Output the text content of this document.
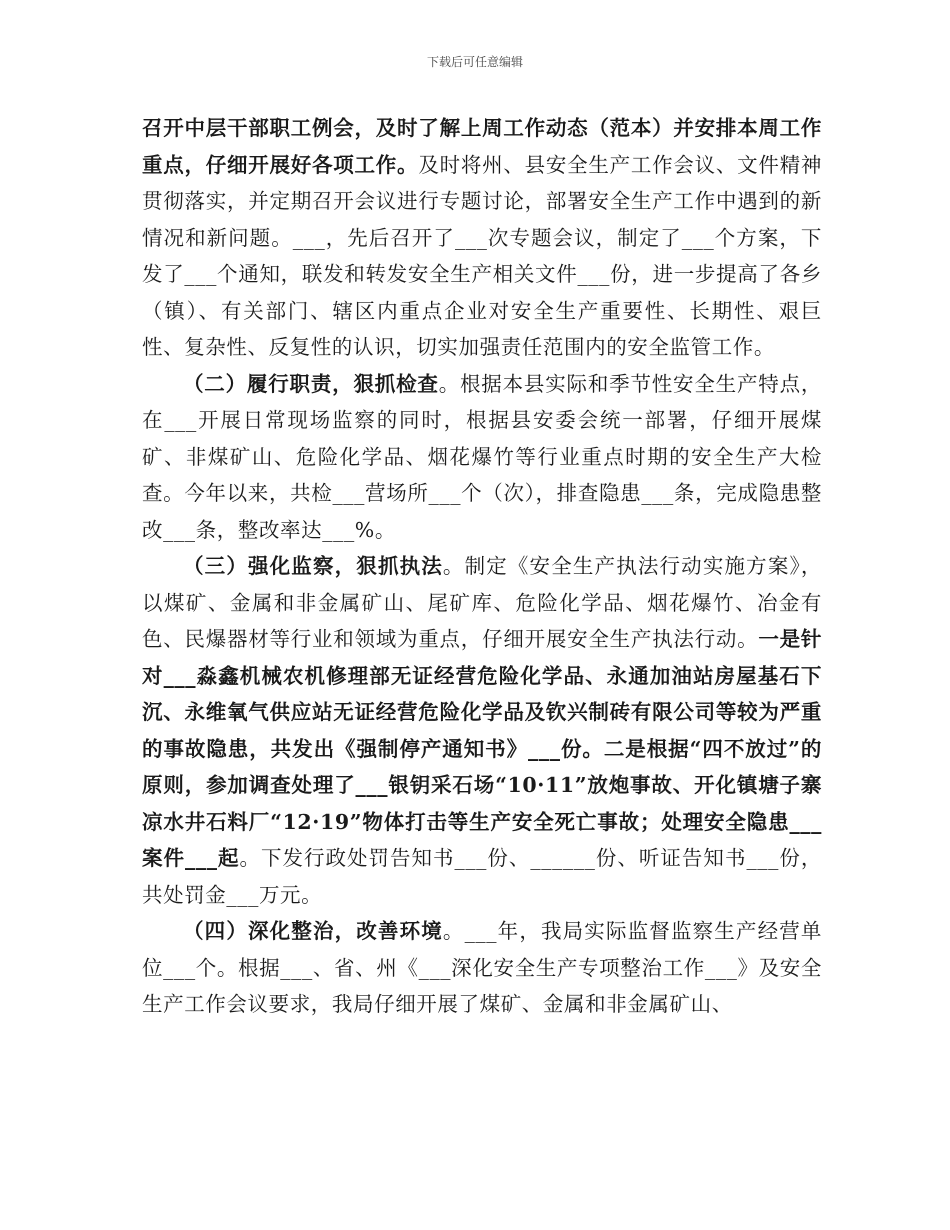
下载后可任意编辑

召开中层干部职工例会，及时了解上周工作动态（范本）并安排本周工作重点，仔细开展好各项工作。及时将州、县安全生产工作会议、文件精神贯彻落实，并定期召开会议进行专题讨论，部署安全生产工作中遇到的新情况和新问题。___，先后召开了___次专题会议，制定了___个方案，下发了___个通知，联发和转发安全生产相关文件___份，进一步提高了各乡（镇）、有关部门、辖区内重点企业对安全生产重要性、长期性、艰巨性、复杂性、反复性的认识，切实加强责任范围内的安全监管工作。

（二）履行职责，狠抓检查。根据本县实际和季节性安全生产特点，在___开展日常现场监察的同时，根据县安委会统一部署，仔细开展煤矿、非煤矿山、危险化学品、烟花爆竹等行业重点时期的安全生产大检查。今年以来，共检___营场所___个（次），排查隐患___条，完成隐患整改___条，整改率达___%。

（三）强化监察，狠抓执法。制定《安全生产执法行动实施方案》，以煤矿、金属和非金属矿山、尾矿库、危险化学品、烟花爆竹、冶金有色、民爆器材等行业和领域为重点，仔细开展安全生产执法行动。一是针对___淼鑫机械农机修理部无证经营危险化学品、永通加油站房屋基石下沉、永维氧气供应站无证经营危险化学品及钦兴制砖有限公司等较为严重的事故隐患，共发出《强制停产通知书》___份。二是根据“四不放过”的原则，参加调查处理了___银钥采石场“10·11”放炮事故、开化镇塘子寨凉水井石料厂“12·19”物体打击等生产安全死亡事故；处理安全隐患___案件___起。下发行政处罚告知书___份、______份、听证告知书___份，共处罚金___万元。

（四）深化整治，改善环境。___年，我局实际监督监察生产经营单位___个。根据___、省、州《___深化安全生产专项整治工作___》及安全生产工作会议要求，我局仔细开展了煤矿、金属和非金属矿山、
